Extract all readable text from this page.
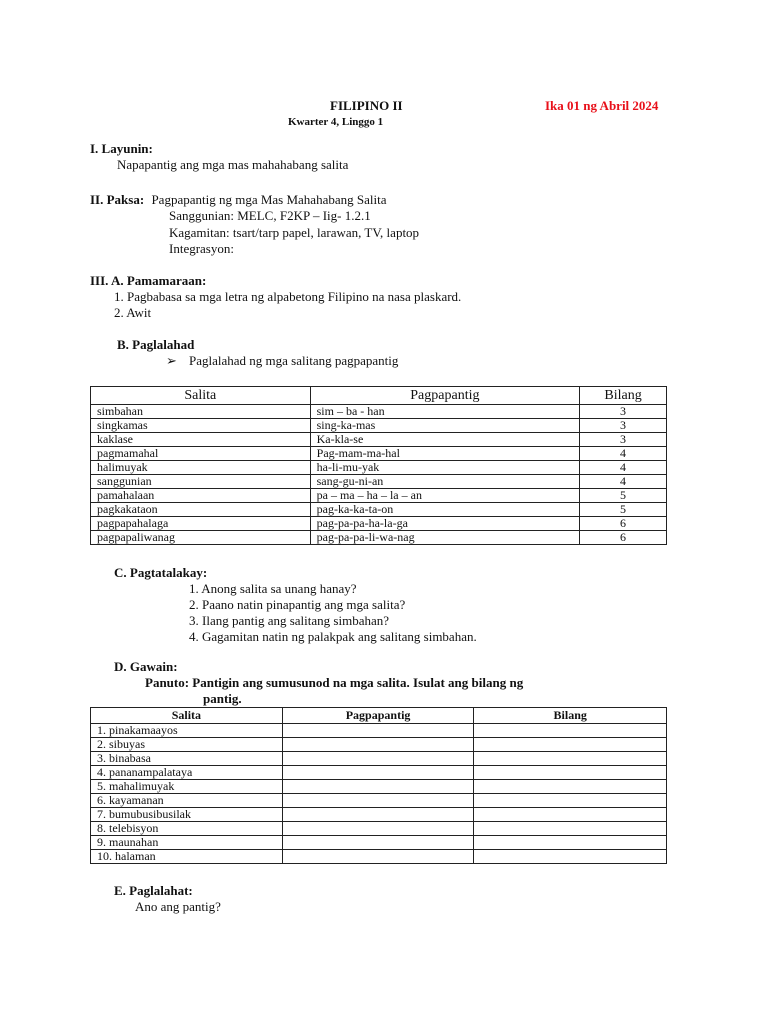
FILIPINO II	Ika 01 ng Abril 2024
Kwarter 4, Linggo 1
I. Layunin:
Napapantig ang mga mas mahahabang salita
II. Paksa: Pagpapantig ng mga Mas Mahahabang Salita
Sanggunian: MELC, F2KP – Iig- 1.2.1
Kagamitan: tsart/tarp papel, larawan, TV, laptop
Integrasyon:
III. A. Pamamaraan:
1. Pagbabasa sa mga letra ng alpabetong Filipino na nasa plaskard.
2. Awit
B. Paglalahad
➢ Paglalahad ng mga salitang pagpapantig
Salita	Pagpapantig	Bilang
simbahan	sim – ba - han	3
singkamas	sing-ka-mas	3
kaklase	Ka-kla-se	3
pagmamahal	Pag-mam-ma-hal	4
halimuyak	ha-li-mu-yak	4
sanggunian	sang-gu-ni-an	4
pamahalaan	pa – ma – ha – la – an	5
pagkakataon	pag-ka-ka-ta-on	5
pagpapahalaga	pag-pa-pa-ha-la-ga	6
pagpapaliwanag	pag-pa-pa-li-wa-nag	6
C. Pagtatalakay:
1. Anong salita sa unang hanay?
2. Paano natin pinapantig ang mga salita?
3. Ilang pantig ang salitang simbahan?
4. Gagamitan natin ng palakpak ang salitang simbahan.
D. Gawain:
Panuto: Pantigin ang sumusunod na mga salita. Isulat ang bilang ng
pantig.
Salita	Pagpapantig	Bilang
1. pinakamaayos		
2. sibuyas		
3. binabasa		
4. pananampalataya		
5. mahalimuyak		
6. kayamanan		
7. bumubusibusilak		
8. telebisyon		
9. maunahan		
10. halaman		
E. Paglalahat:
Ano ang pantig?
